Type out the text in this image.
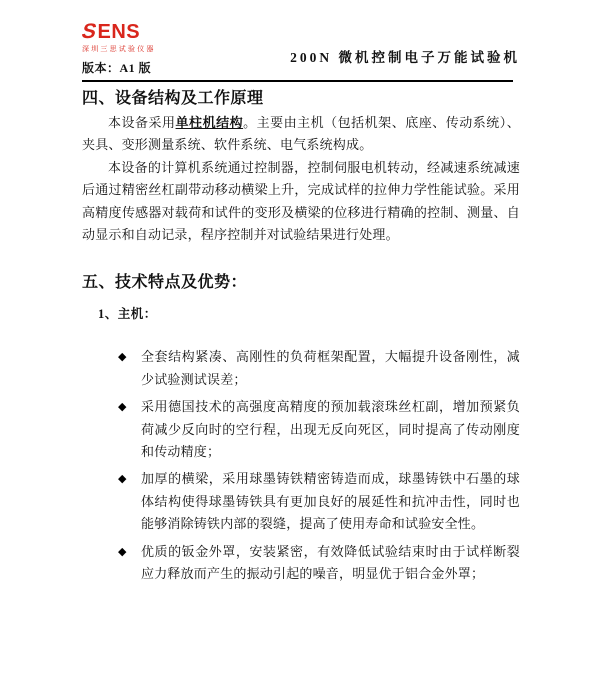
SENS
深圳三思试验仪器
版本：A1 版
200N 微机控制电子万能试验机
四、设备结构及工作原理

本设备采用单柱机结构。主要由主机（包括机架、底座、传动系统）、夹具、变形测量系统、软件系统、电气系统构成。

本设备的计算机系统通过控制器，控制伺服电机转动，经减速系统减速后通过精密丝杠副带动移动横梁上升，完成试样的拉伸力学性能试验。采用高精度传感器对载荷和试件的变形及横梁的位移进行精确的控制、测量、自动显示和自动记录，程序控制并对试验结果进行处理。

五、技术特点及优势：
1、主机：
◆	全套结构紧凑、高刚性的负荷框架配置，大幅提升设备刚性，减少试验测试误差；
◆	采用德国技术的高强度高精度的预加载滚珠丝杠副，增加预紧负荷减少反向时的空行程，出现无反向死区，同时提高了传动刚度和传动精度；
◆	加厚的横梁，采用球墨铸铁精密铸造而成，球墨铸铁中石墨的球体结构使得球墨铸铁具有更加良好的展延性和抗冲击性，同时也能够消除铸铁内部的裂缝，提高了使用寿命和试验安全性。
◆	优质的钣金外罩，安装紧密，有效降低试验结束时由于试样断裂应力释放而产生的振动引起的噪音，明显优于铝合金外罩；
